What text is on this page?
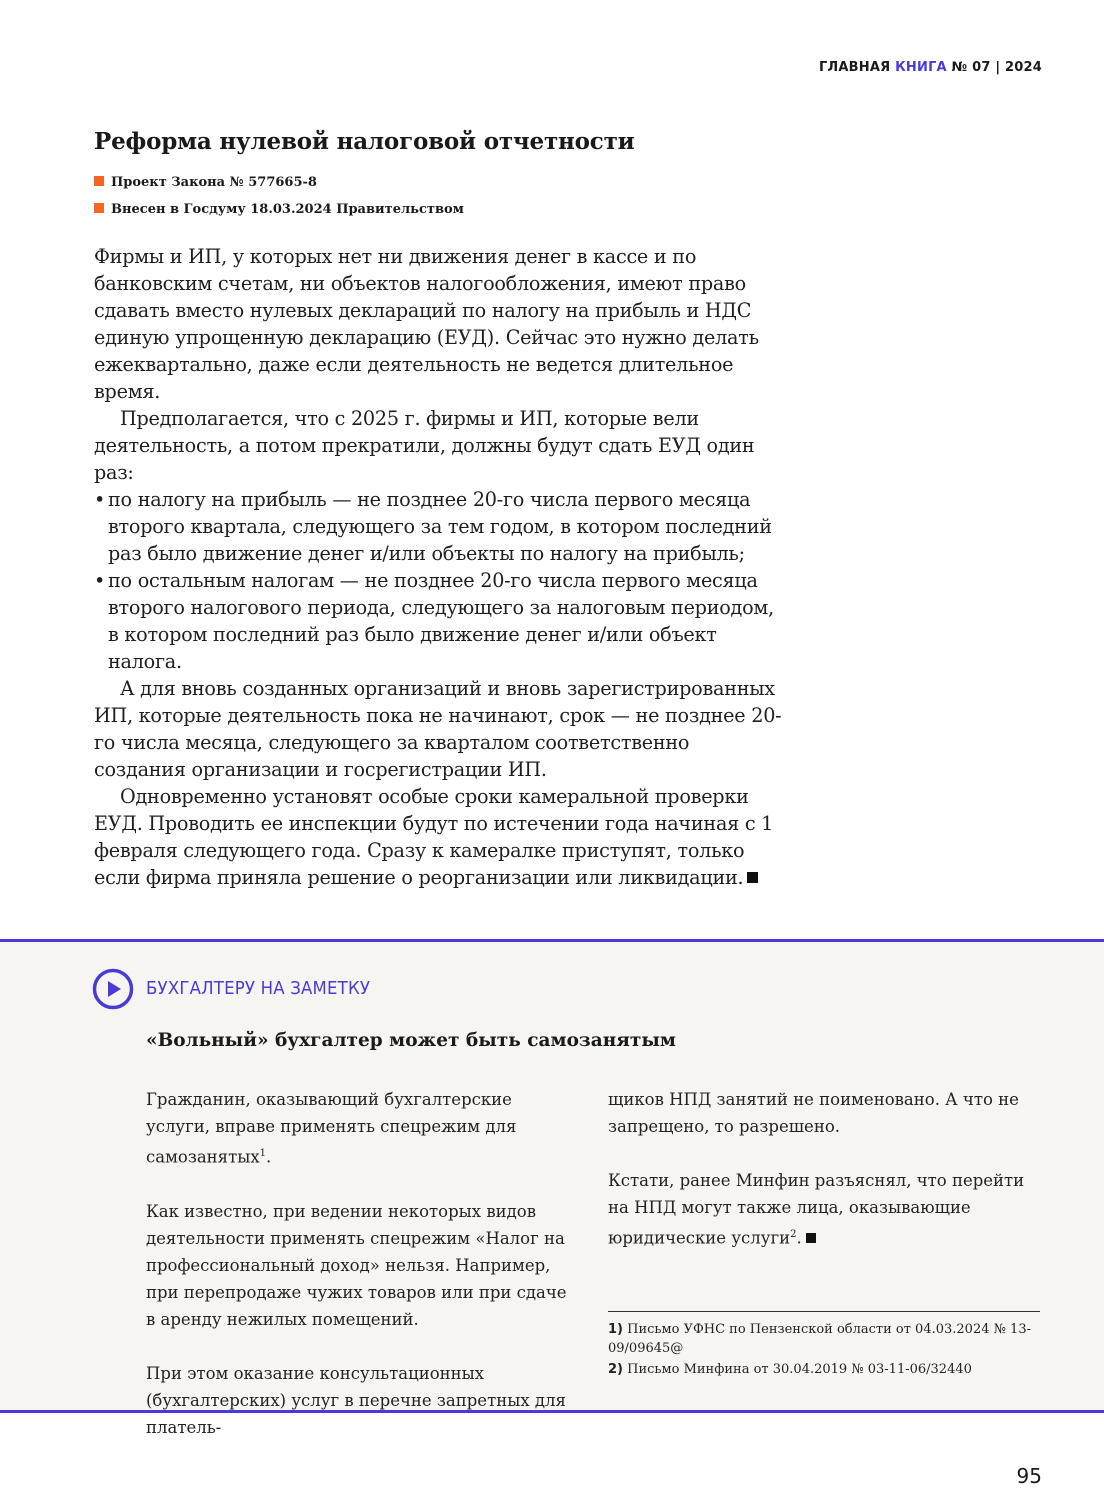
ГЛАВНАЯ КНИГА № 07 | 2024
Реформа нулевой налоговой отчетности
Проект Закона № 577665-8
Внесен в Госдуму 18.03.2024 Правительством

Фирмы и ИП, у которых нет ни движения денег в кассе и по банковским счетам, ни объектов налогообложения, имеют право сдавать вместо нулевых деклараций по налогу на прибыль и НДС единую упрощенную декларацию (ЕУД). Сейчас это нужно делать ежеквартально, даже если деятельность не ведется длительное время.

Предполагается, что с 2025 г. фирмы и ИП, которые вели деятельность, а потом прекратили, должны будут сдать ЕУД один раз:

• по налогу на прибыль — не позднее 20-го числа первого месяца второго квартала, следующего за тем годом, в котором последний раз было движение денег и/или объекты по налогу на прибыль;
• по остальным налогам — не позднее 20-го числа первого месяца второго налогового периода, следующего за налоговым периодом, в котором последний раз было движение денег и/или объект налога.

А для вновь созданных организаций и вновь зарегистрированных ИП, которые деятельность пока не начинают, срок — не позднее 20-го числа месяца, следующего за кварталом соответственно создания организации и госрегистрации ИП.

Одновременно установят особые сроки камеральной проверки ЕУД. Проводить ее инспекции будут по истечении года начиная с 1 февраля следующего года. Сразу к камералке приступят, только если фирма приняла решение о реорганизации или ликвидации.

БУХГАЛТЕРУ НА ЗАМЕТКУ
«Вольный» бухгалтер может быть самозанятым

Гражданин, оказывающий бухгалтерские услуги, вправе применять спецрежим для самозанятых$^1$.

Как известно, при ведении некоторых видов деятельности применять спецрежим «Налог на профессиональный доход» нельзя. Например, при перепродаже чужих товаров или при сдаче в аренду нежилых помещений.

При этом оказание консультационных (бухгалтерских) услуг в перечне запретных для платель-

щиков НПД занятий не поименовано. А что не запрещено, то разрешено.

Кстати, ранее Минфин разъяснял, что перейти на НПД могут также лица, оказывающие юридические услуги$^2$.

1) Письмо УФНС по Пензенской области от 04.03.2024 № 13-09/09645@

2) Письмо Минфина от 30.04.2019 № 03-11-06/32440

95
